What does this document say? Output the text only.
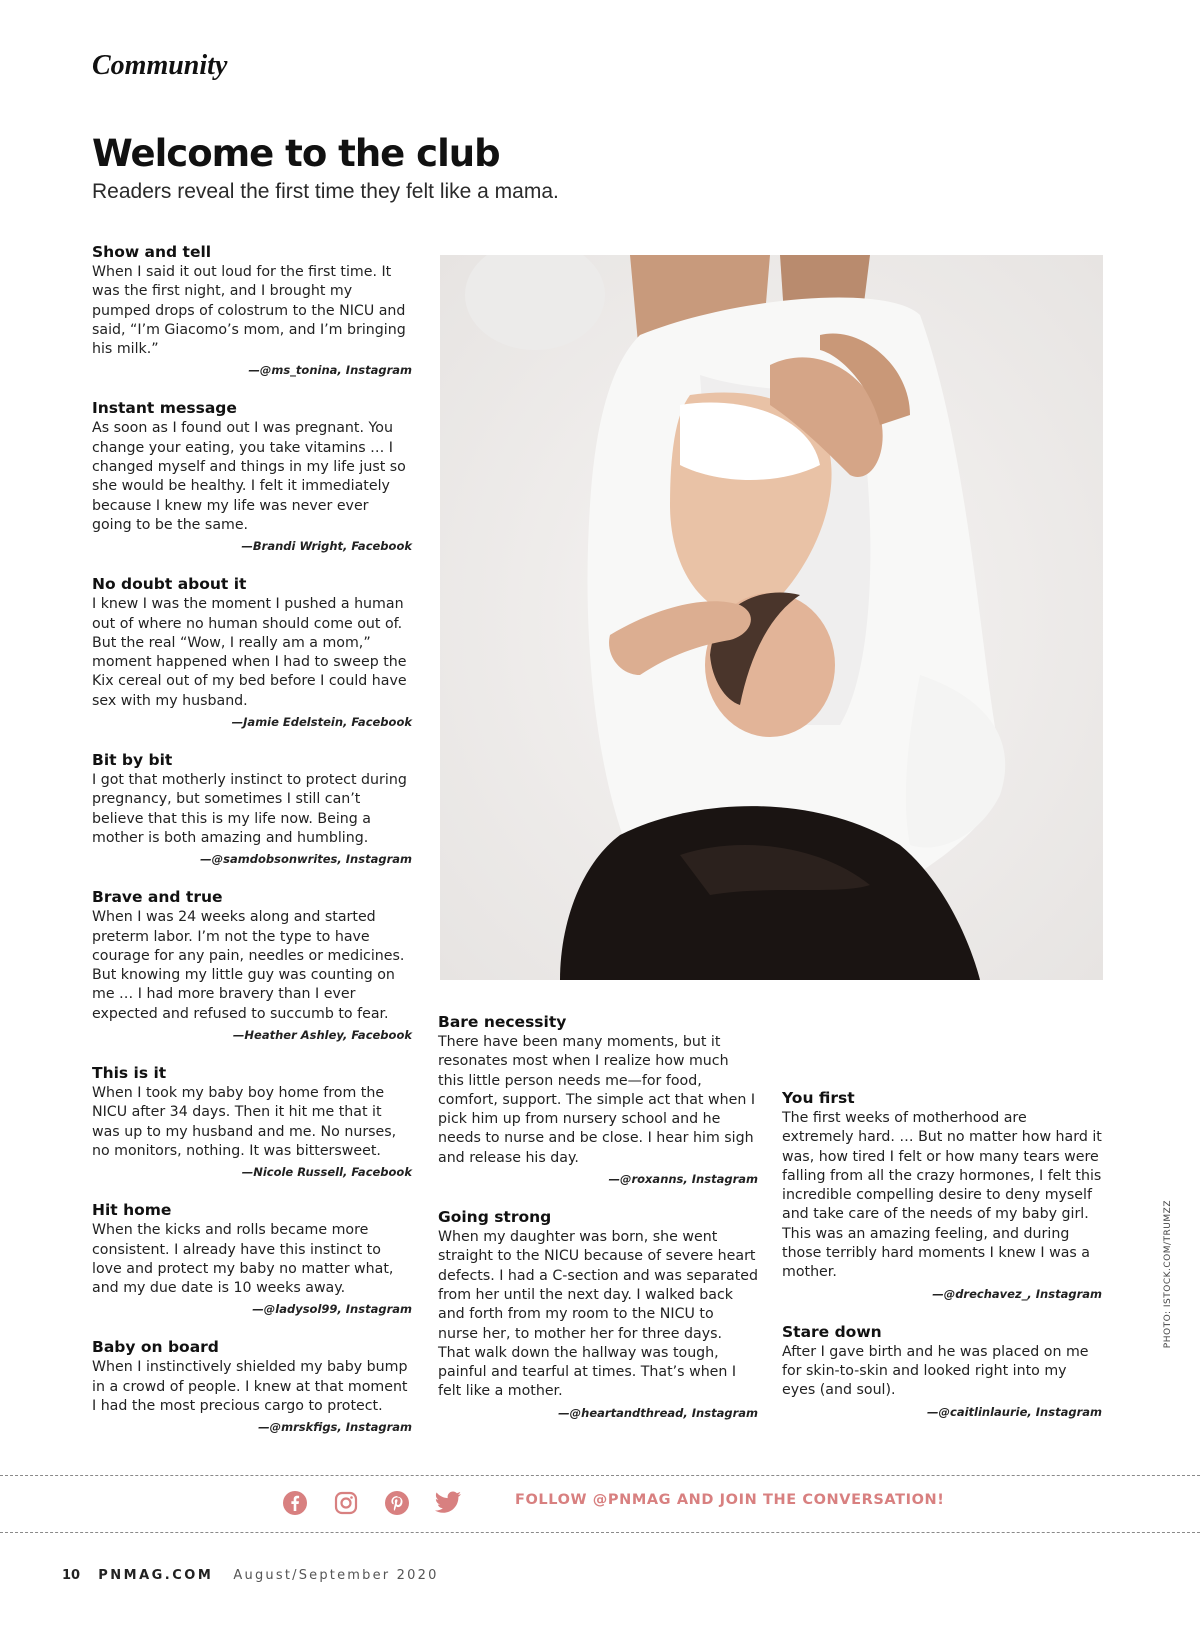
Community
Welcome to the club

Readers reveal the first time they felt like a mama.

Show and tell

When I said it out loud for the first time. It was the first night, and I brought my pumped drops of colostrum to the NICU and said, “I’m Giacomo’s mom, and I’m bringing his milk.”

—@ms_tonina, Instagram
Instant message

As soon as I found out I was pregnant. You change your eating, you take vitamins … I changed myself and things in my life just so she would be healthy. I felt it immediately because I knew my life was never ever going to be the same.

—Brandi Wright, Facebook
No doubt about it

I knew I was the moment I pushed a human out of where no human should come out of. But the real “Wow, I really am a mom,” moment happened when I had to sweep the Kix cereal out of my bed before I could have sex with my husband.

—Jamie Edelstein, Facebook
Bit by bit

I got that motherly instinct to protect during pregnancy, but sometimes I still can’t believe that this is my life now. Being a mother is both amazing and humbling.

—@samdobsonwrites, Instagram
Brave and true

When I was 24 weeks along and started preterm labor. I’m not the type to have courage for any pain, needles or medicines. But knowing my little guy was counting on me … I had more bravery than I ever expected and refused to succumb to fear.

—Heather Ashley, Facebook
This is it

When I took my baby boy home from the NICU after 34 days. Then it hit me that it was up to my husband and me. No nurses, no monitors, nothing. It was bittersweet.

—Nicole Russell, Facebook
Hit home

When the kicks and rolls became more consistent. I already have this instinct to love and protect my baby no matter what, and my due date is 10 weeks away.

—@ladysol99, Instagram
Baby on board

When I instinctively shielded my baby bump in a crowd of people. I knew at that moment I had the most precious cargo to protect.

—@mrskfigs, Instagram
Bare necessity

There have been many moments, but it resonates most when I realize how much this little person needs me—for food, comfort, support. The simple act that when I pick him up from nursery school and he needs to nurse and be close. I hear him sigh and release his day.

—@roxanns, Instagram
Going strong

When my daughter was born, she went straight to the NICU because of severe heart defects. I had a C-section and was separated from her until the next day. I walked back and forth from my room to the NICU to nurse her, to mother her for three days. That walk down the hallway was tough, painful and tearful at times. That’s when I felt like a mother.

—@heartandthread, Instagram
You first

The first weeks of motherhood are extremely hard. … But no matter how hard it was, how tired I felt or how many tears were falling from all the crazy hormones, I felt this incredible compelling desire to deny myself and take care of the needs of my baby girl. This was an amazing feeling, and during those terribly hard moments I knew I was a mother.

—@drechavez_, Instagram
Stare down

After I gave birth and he was placed on me for skin-to-skin and looked right into my eyes (and soul).

—@caitlinlaurie, Instagram
PHOTO: ISTOCK.COM/TRUMZZ
FOLLOW @PNMAG AND JOIN THE CONVERSATION!
10 PNMAG.COM August/September 2020
